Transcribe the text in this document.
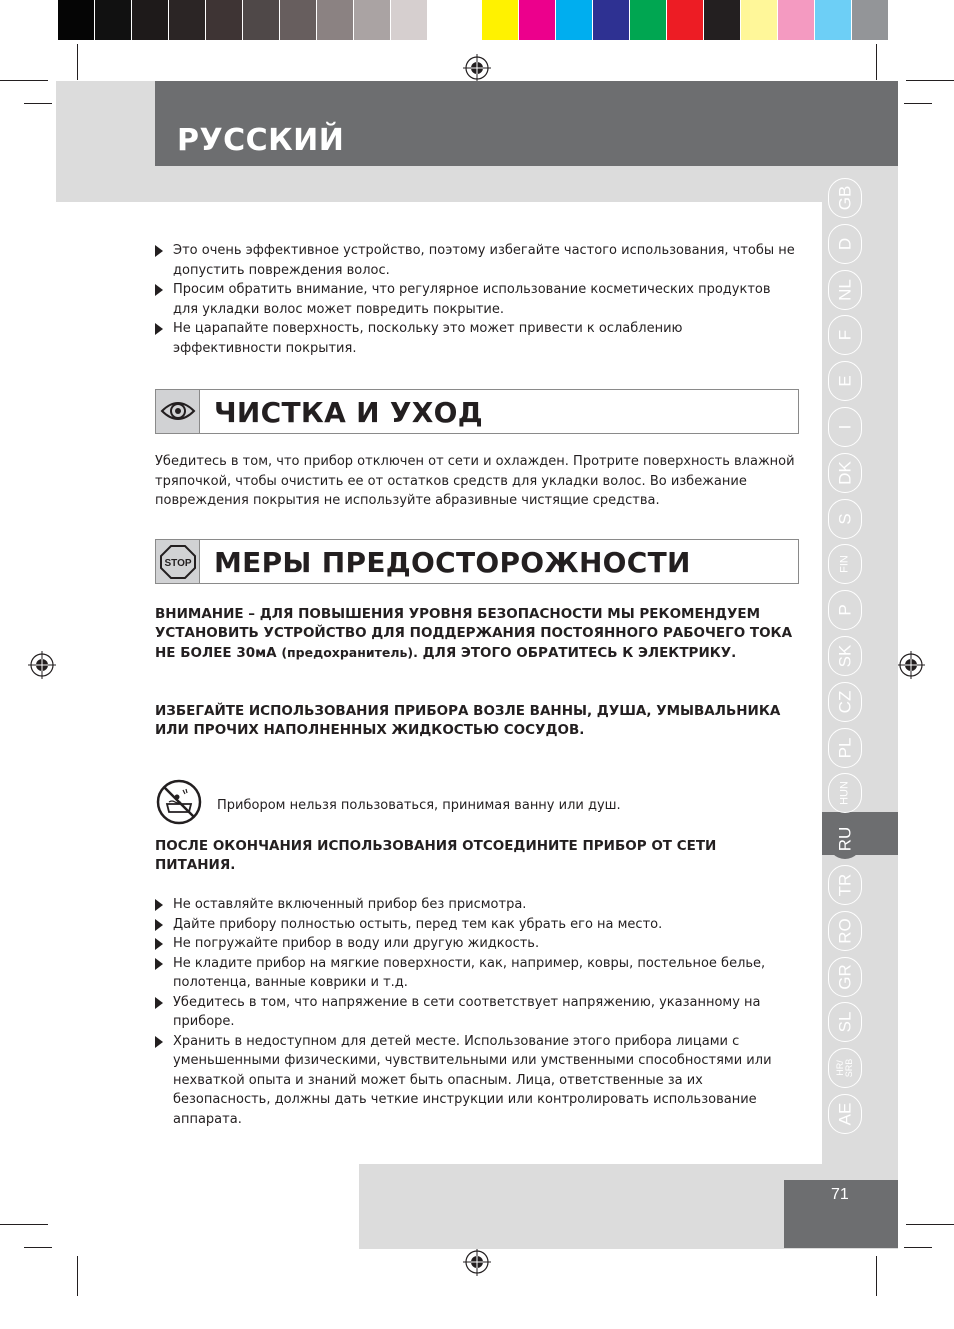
РУССКИЙ
GB
D
NL
F
E
I
DK
S
FIN
P
SK
CZ
PL
HUN
RU
TR
RO
GR
SL
HR/ SRB
AE
Это очень эффективное устройство, поэтому избегайте частого использования, чтобы не допустить повреждения волос.
Просим обратить внимание, что регулярное использование косметических продуктов для укладки волос может повредить покрытие.
Не царапайте поверхность, поскольку это может привести к ослаблению эффективности покрытия.
ЧИСТКА И УХОД
Убедитесь в том, что прибор отключен от сети и охлажден. Протрите поверхность влажной тряпочкой, чтобы очистить ее от остатков средств для укладки волос. Во избежание повреждения покрытия не используйте абразивные чистящие средства.
STOP МЕРЫ ПРЕДОСТОРОЖНОСТИ
ВНИМАНИЕ – ДЛЯ ПОВЫШЕНИЯ УРОВНЯ БЕЗОПАСНОСТИ МЫ РЕКОМЕНДУЕМ УСТАНОВИТЬ УСТРОЙСТВО ДЛЯ ПОДДЕРЖАНИЯ ПОСТОЯННОГО РАБОЧЕГО ТОКА НЕ БОЛЕЕ 30мА (предохранитель). ДЛЯ ЭТОГО ОБРАТИТЕСЬ К ЭЛЕКТРИКУ.
ИЗБЕГАЙТЕ ИСПОЛЬЗОВАНИЯ ПРИБОРА ВОЗЛЕ ВАННЫ, ДУША, УМЫВАЛЬНИКА ИЛИ ПРОЧИХ НАПОЛНЕННЫХ ЖИДКОСТЬЮ СОСУДОВ.
Прибором нельзя пользоваться, принимая ванну или душ.
ПОСЛЕ ОКОНЧАНИЯ ИСПОЛЬЗОВАНИЯ ОТСОЕДИНИТЕ ПРИБОР ОТ СЕТИ ПИТАНИЯ.
Не оставляйте включенный прибор без присмотра.
Дайте прибору полностью остыть, перед тем как убрать его на место.
Не погружайте прибор в воду или другую жидкость.
Не кладите прибор на мягкие поверхности, как, например, ковры, постельное белье, полотенца, ванные коврики и т.д.
Убедитесь в том, что напряжение в сети соответствует напряжению, указанному на приборе.
Хранить в недоступном для детей месте. Использование этого прибора лицами с уменьшенными физическими, чувствительными или умственными способностями или нехваткой опыта и знаний может быть опасным. Лица, ответственные за их безопасность, должны дать четкие инструкции или контролировать использование аппарата.
71
